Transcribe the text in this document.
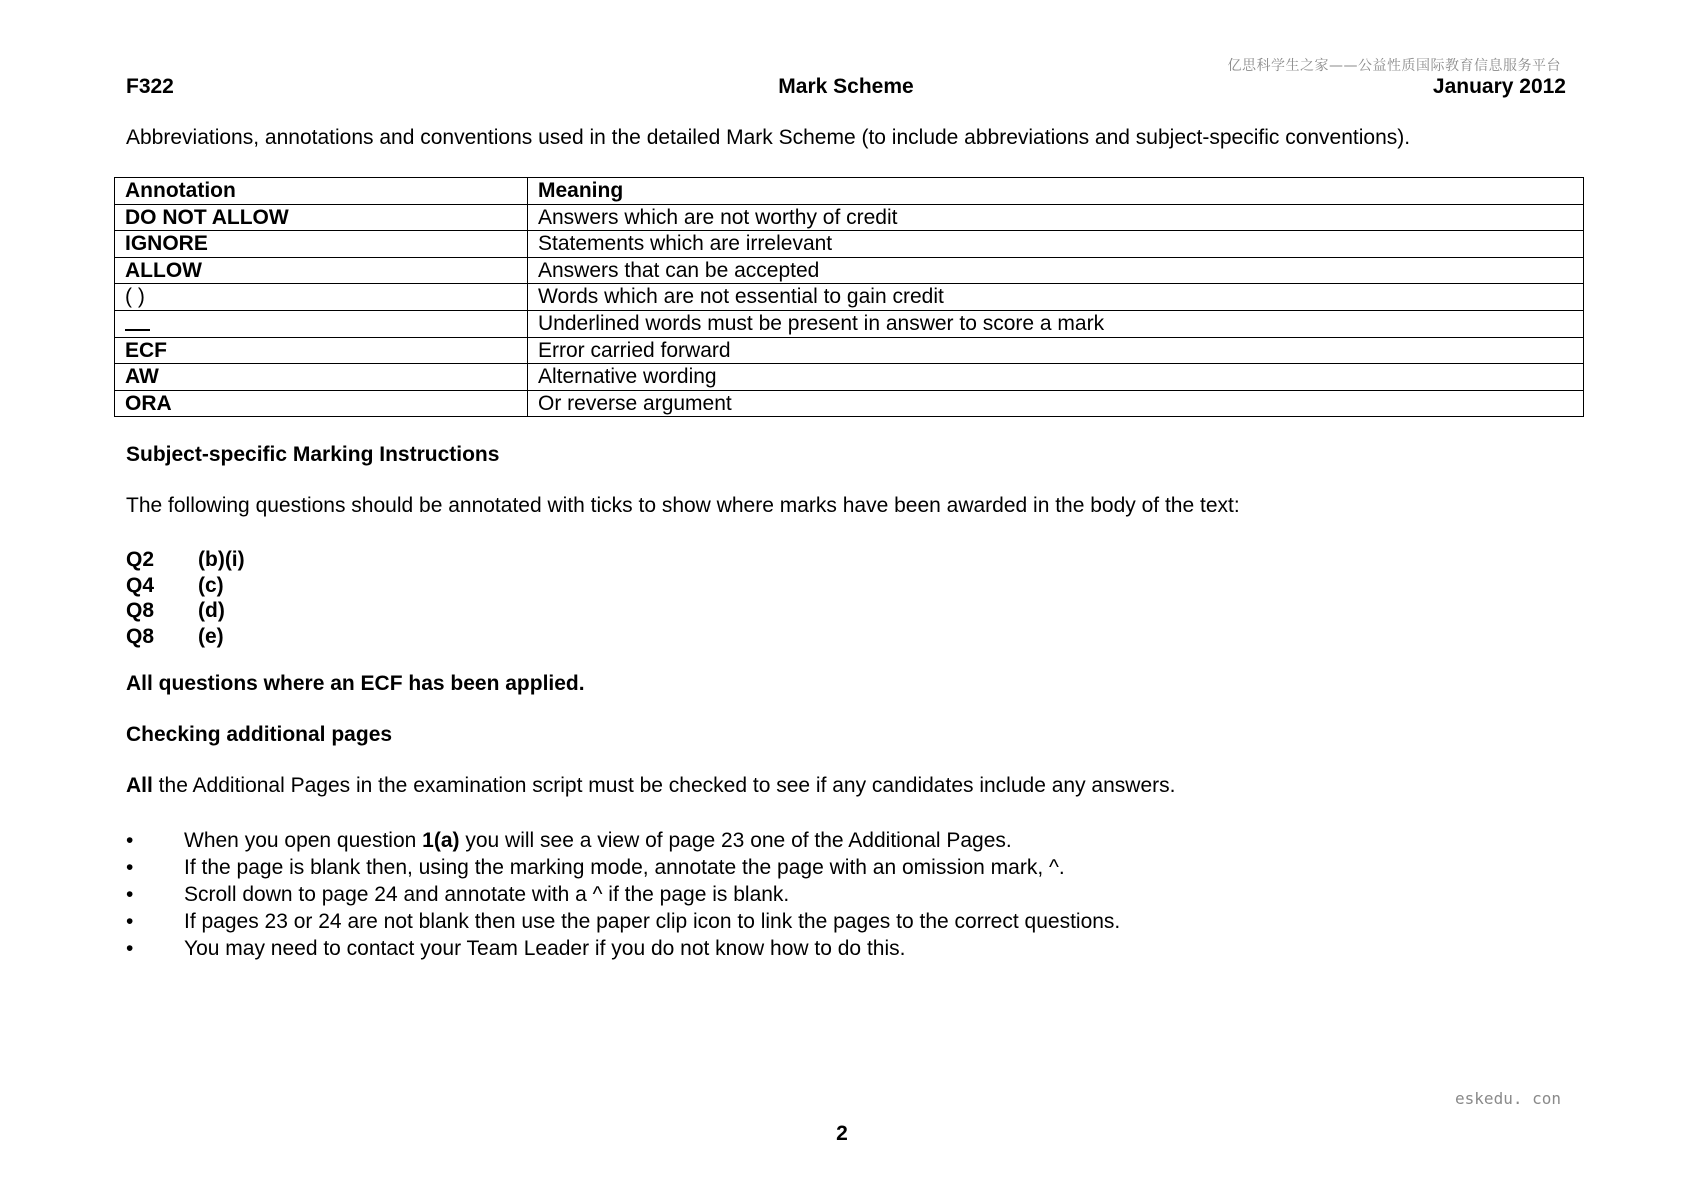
亿思科学生之家——公益性质国际教育信息服务平台
F322	Mark Scheme	January 2012
Abbreviations, annotations and conventions used in the detailed Mark Scheme (to include abbreviations and subject-specific conventions).
Annotation	Meaning
DO NOT ALLOW	Answers which are not worthy of credit
IGNORE	Statements which are irrelevant
ALLOW	Answers that can be accepted
( )	Words which are not essential to gain credit
	Underlined words must be present in answer to score a mark
ECF	Error carried forward
AW	Alternative wording
ORA	Or reverse argument
Subject-specific Marking Instructions
The following questions should be annotated with ticks to show where marks have been awarded in the body of the text:
Q2 (b)(i)
Q4 (c)
Q8 (d)
Q8 (e)
All questions where an ECF has been applied.
Checking additional pages
All the Additional Pages in the examination script must be checked to see if any candidates include any answers.
• When you open question 1(a) you will see a view of page 23 one of the Additional Pages.
• If the page is blank then, using the marking mode, annotate the page with an omission mark, ^.
• Scroll down to page 24 and annotate with a ^ if the page is blank.
• If pages 23 or 24 are not blank then use the paper clip icon to link the pages to the correct questions.
• You may need to contact your Team Leader if you do not know how to do this.
eskedu. con
2
